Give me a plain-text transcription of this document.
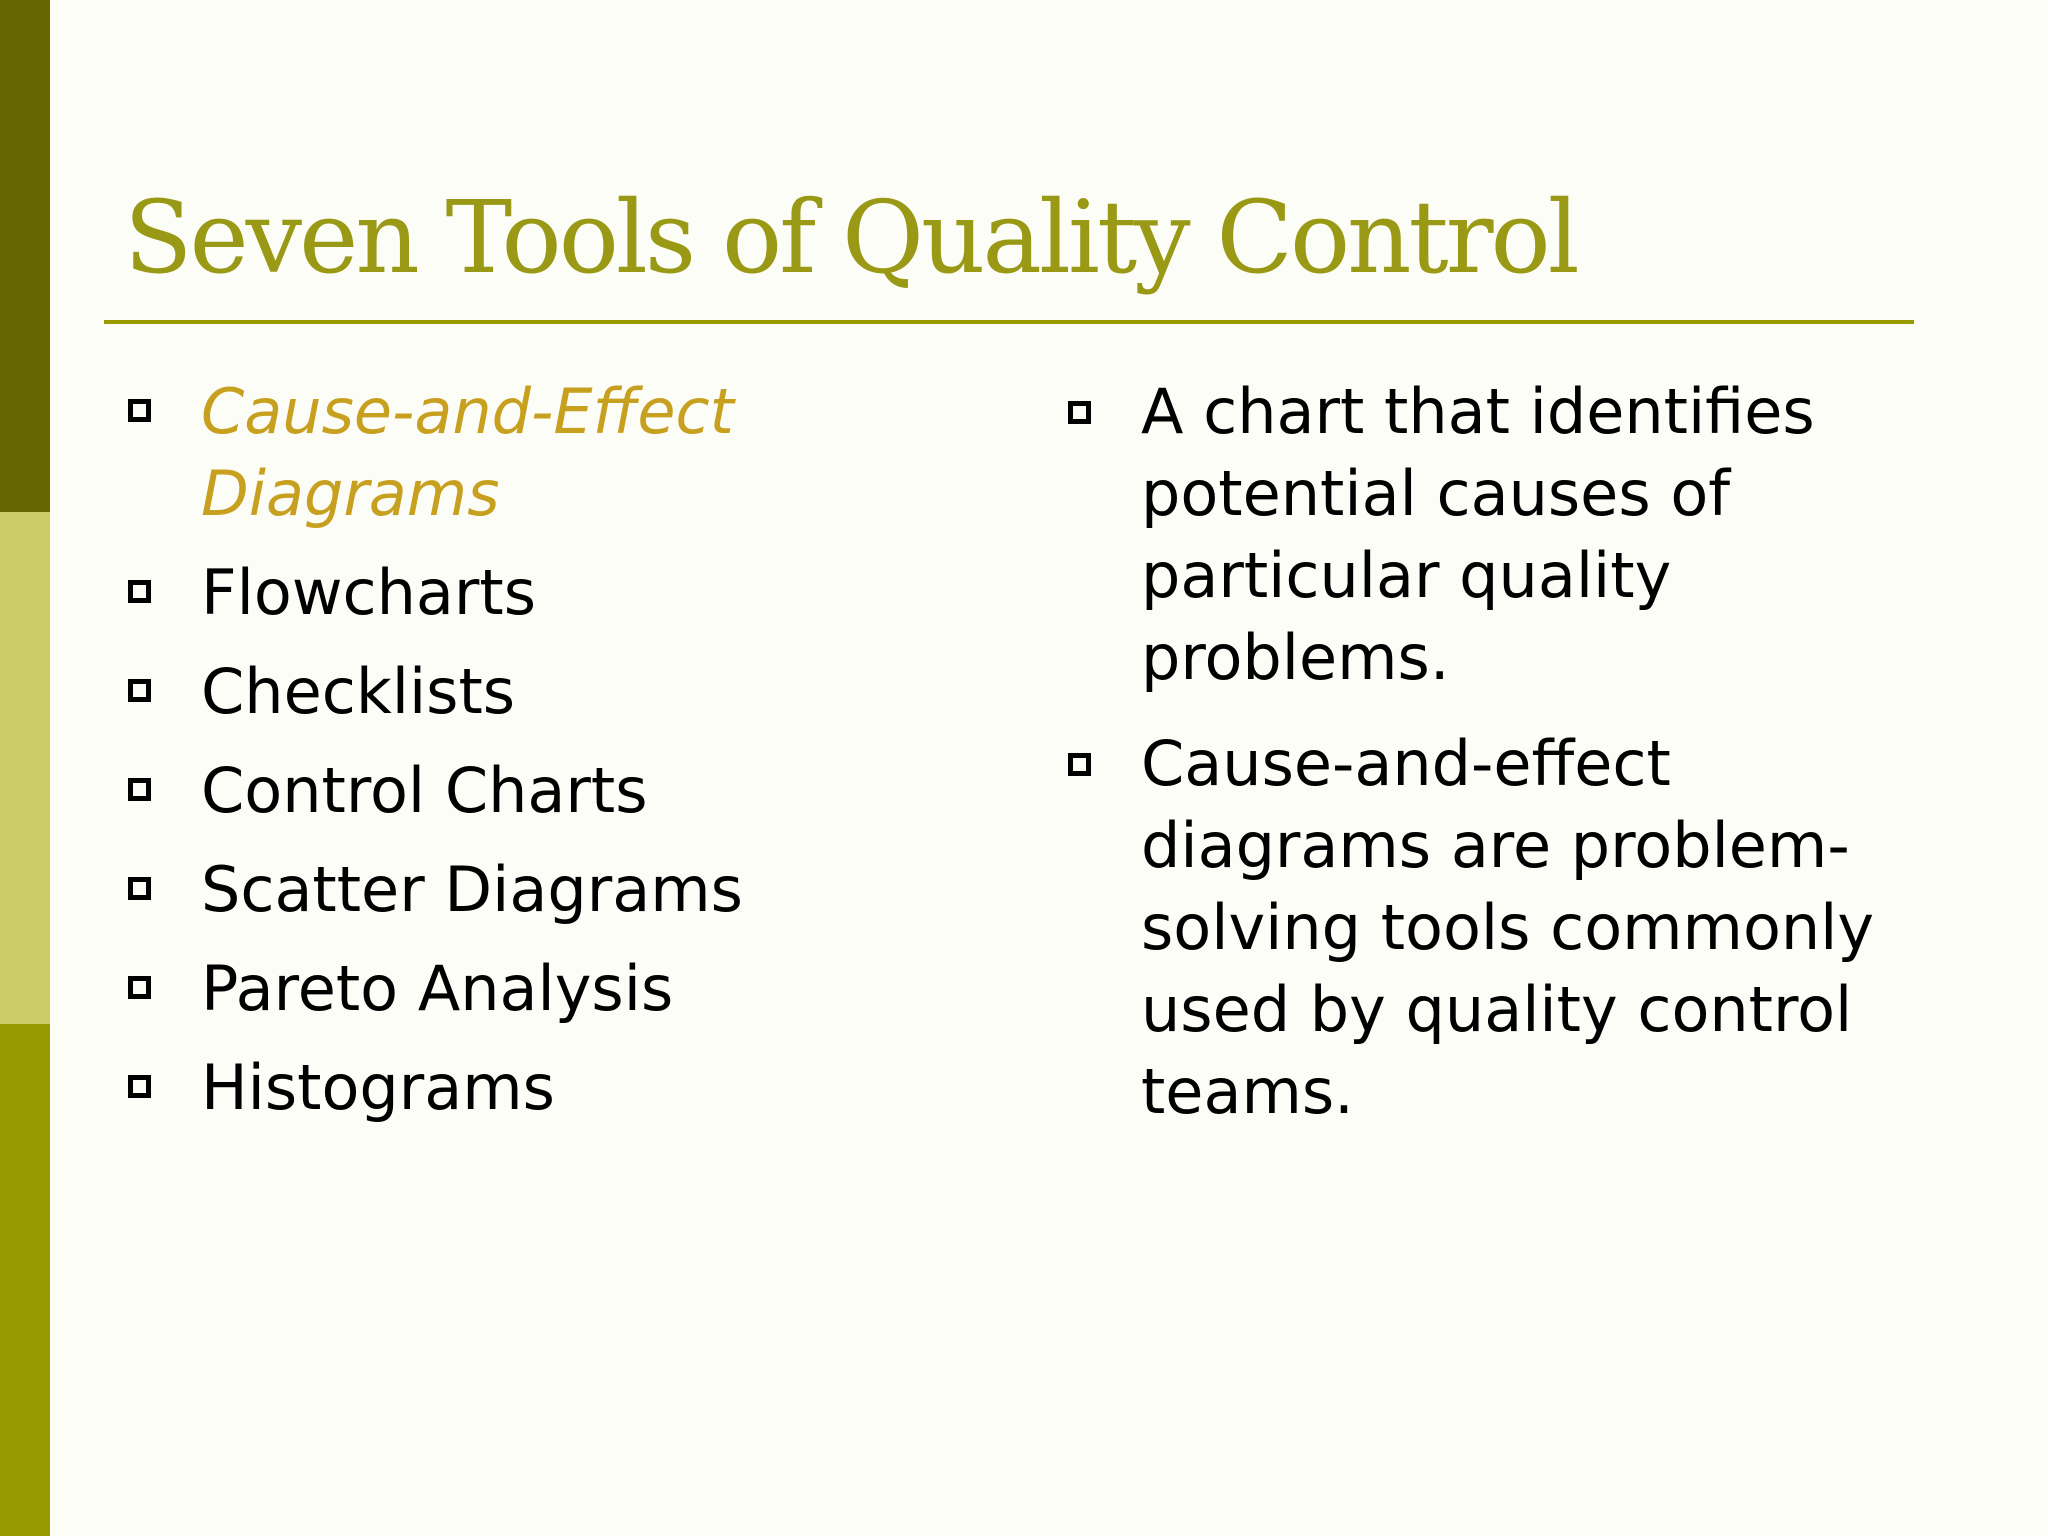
Seven Tools of Quality Control
Cause-and-Effect Diagrams
Flowcharts
Checklists
Control Charts
Scatter Diagrams
Pareto Analysis
Histograms
A chart that identifies potential causes of particular quality problems.
Cause-and-effect diagrams are problem-solving tools commonly used by quality control teams.
